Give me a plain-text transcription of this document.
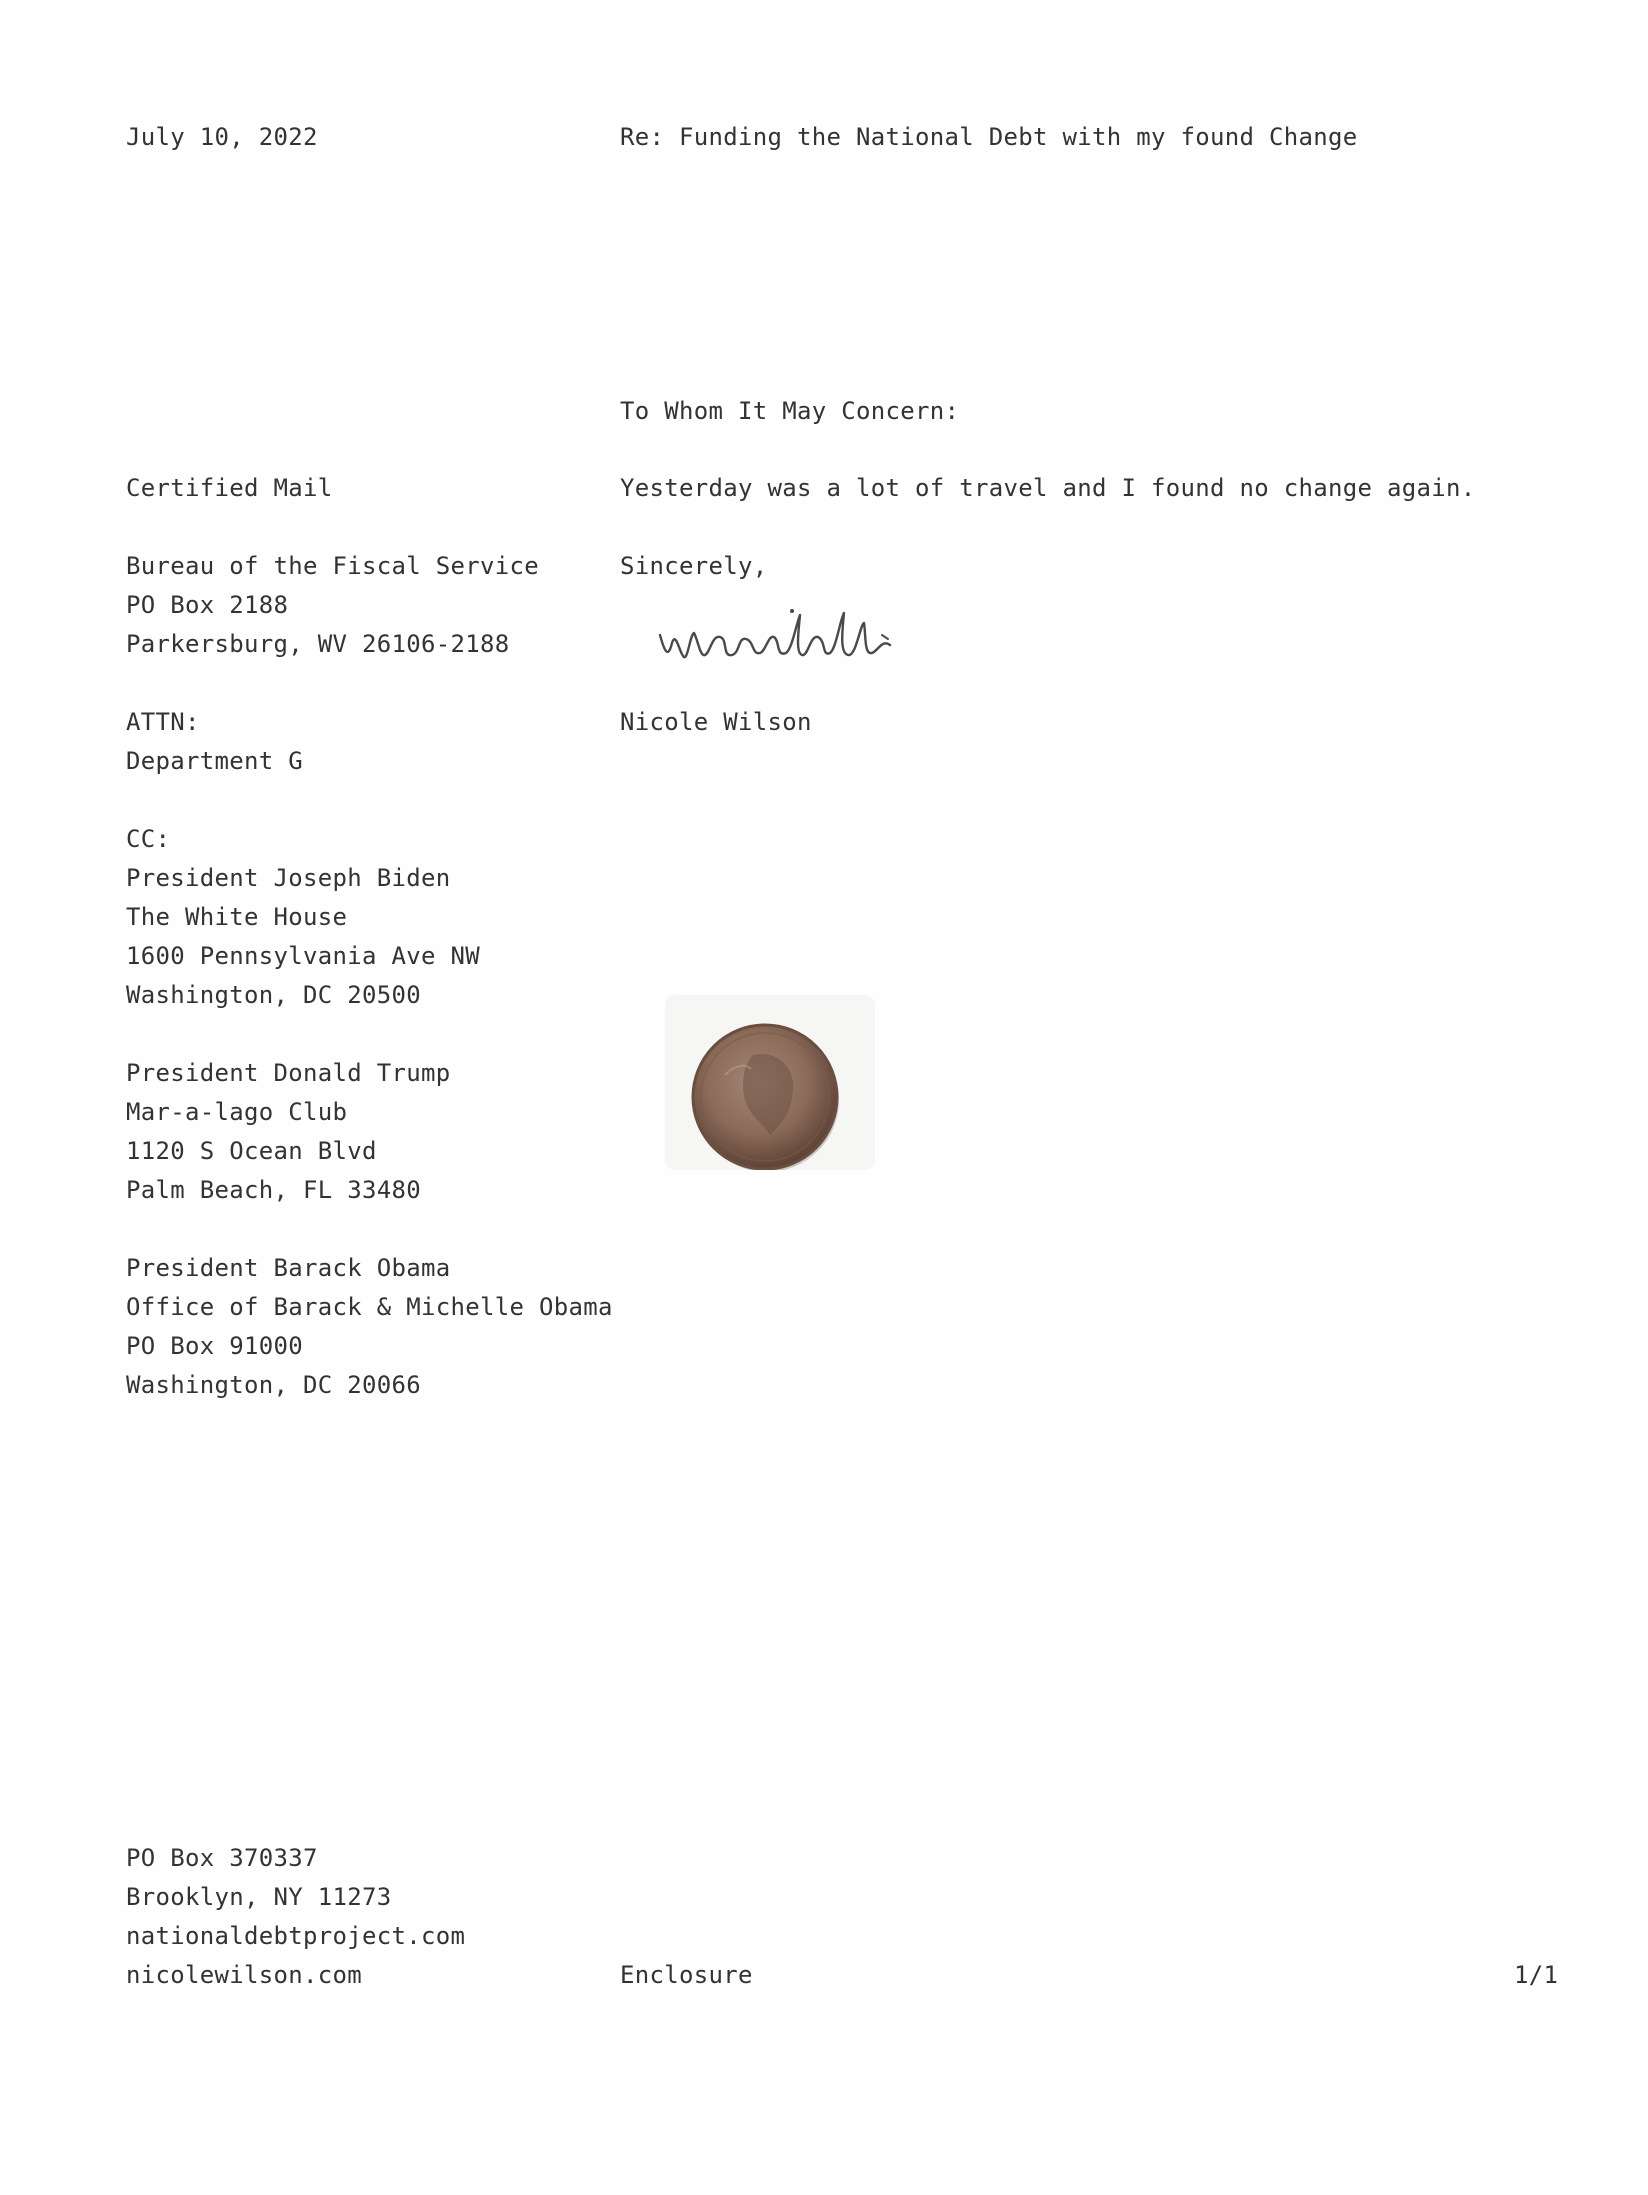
July 10, 2022	Re: Funding the National Debt with my found Change
To Whom It May Concern:
Yesterday was a lot of travel and I found no change again.
Sincerely,
Nicole Wilson
Certified Mail
Bureau of the Fiscal Service
PO Box 2188
Parkersburg, WV 26106-2188
ATTN:
Department G
CC:
President Joseph Biden
The White House
1600 Pennsylvania Ave NW
Washington, DC 20500
President Donald Trump
Mar-a-lago Club
1120 S Ocean Blvd
Palm Beach, FL 33480
President Barack Obama
Office of Barack & Michelle Obama
PO Box 91000
Washington, DC 20066
PO Box 370337
Brooklyn, NY 11273
nationaldebtproject.com
nicolewilson.com	Enclosure	1/1
